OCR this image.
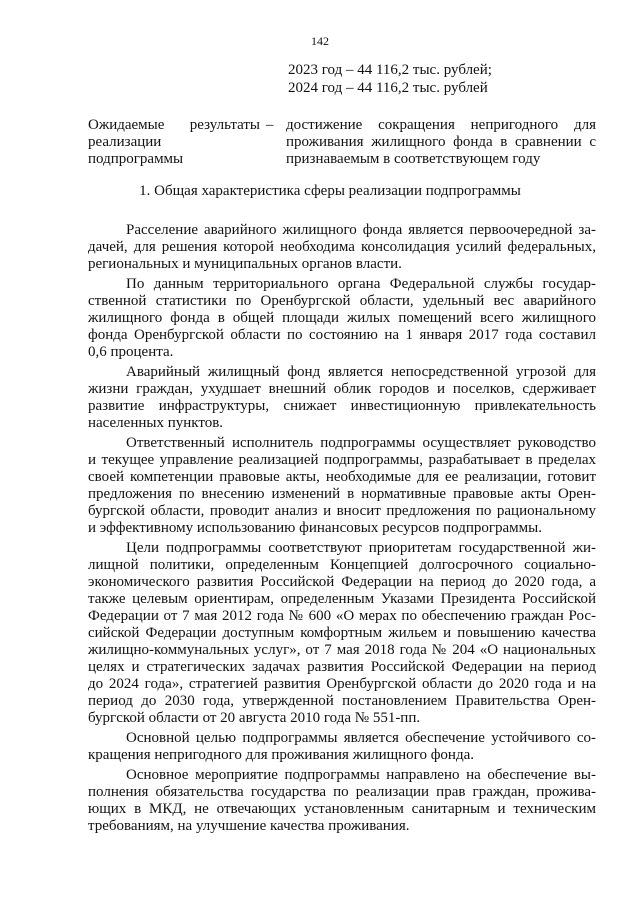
142
2023 год – 44 116,2 тыс. рублей;
2024 год – 44 116,2 тыс. рублей
Ожидаемые результаты
реализации
подпрограммы
– достижение сокращения непригодного для
проживания жилищного фонда в сравнении с
признаваемым в соответствующем году
1. Общая характеристика сферы реализации подпрограммы
Расселение аварийного жилищного фонда является первоочередной за-
дачей, для решения которой необходима консолидация усилий федеральных,
региональных и муниципальных органов власти.
По данным территориального органа Федеральной службы государ-
ственной статистики по Оренбургской области, удельный вес аварийного
жилищного фонда в общей площади жилых помещений всего жилищного
фонда Оренбургской области по состоянию на 1 января 2017 года составил
0,6 процента.
Аварийный жилищный фонд является непосредственной угрозой для
жизни граждан, ухудшает внешний облик городов и поселков, сдерживает
развитие инфраструктуры, снижает инвестиционную привлекательность
населенных пунктов.
Ответственный исполнитель подпрограммы осуществляет руководство
и текущее управление реализацией подпрограммы, разрабатывает в пределах
своей компетенции правовые акты, необходимые для ее реализации, готовит
предложения по внесению изменений в нормативные правовые акты Орен-
бургской области, проводит анализ и вносит предложения по рациональному
и эффективному использованию финансовых ресурсов подпрограммы.
Цели подпрограммы соответствуют приоритетам государственной жи-
лищной политики, определенным Концепцией долгосрочного социально-
экономического развития Российской Федерации на период до 2020 года, а
также целевым ориентирам, определенным Указами Президента Российской
Федерации от 7 мая 2012 года № 600 «О мерах по обеспечению граждан Рос-
сийской Федерации доступным комфортным жильем и повышению качества
жилищно-коммунальных услуг», от 7 мая 2018 года № 204 «О национальных
целях и стратегических задачах развития Российской Федерации на период
до 2024 года», стратегией развития Оренбургской области до 2020 года и на
период до 2030 года, утвержденной постановлением Правительства Орен-
бургской области от 20 августа 2010 года № 551-пп.
Основной целью подпрограммы является обеспечение устойчивого со-
кращения непригодного для проживания жилищного фонда.
Основное мероприятие подпрограммы направлено на обеспечение вы-
полнения обязательства государства по реализации прав граждан, прожива-
ющих в МКД, не отвечающих установленным санитарным и техническим
требованиям, на улучшение качества проживания.
